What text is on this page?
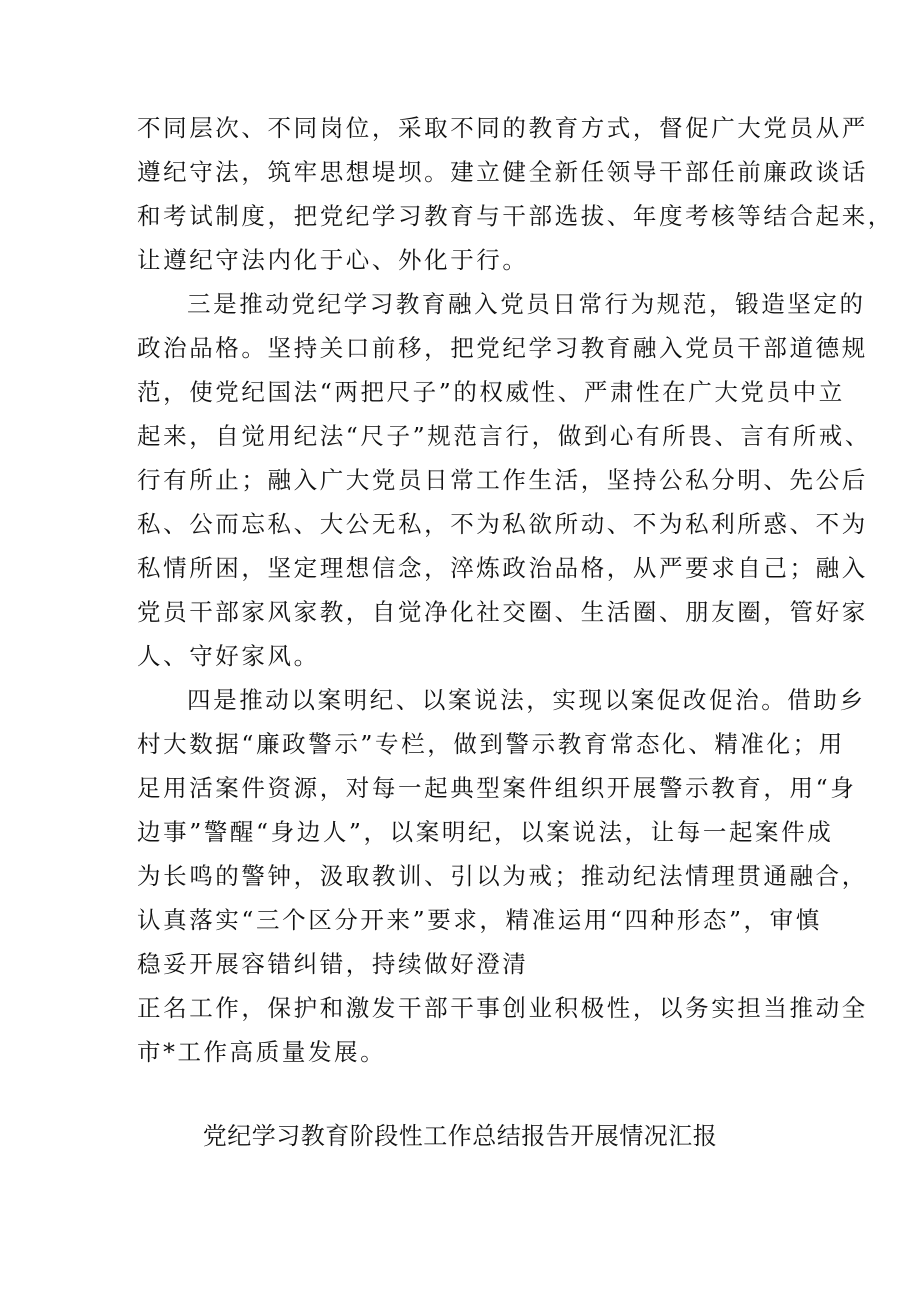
不同层次、不同岗位，采取不同的教育方式，督促广大党员从严
遵纪守法，筑牢思想堤坝。建立健全新任领导干部任前廉政谈话
和考试制度，把党纪学习教育与干部选拔、年度考核等结合起来，
让遵纪守法内化于心、外化于行。
三是推动党纪学习教育融入党员日常行为规范，锻造坚定的
政治品格。坚持关口前移，把党纪学习教育融入党员干部道德规
范，使党纪国法“两把尺子”的权威性、严肃性在广大党员中立
起来，自觉用纪法“尺子”规范言行，做到心有所畏、言有所戒、
行有所止；融入广大党员日常工作生活，坚持公私分明、先公后
私、公而忘私、大公无私，不为私欲所动、不为私利所惑、不为
私情所困，坚定理想信念，淬炼政治品格，从严要求自己；融入
党员干部家风家教，自觉净化社交圈、生活圈、朋友圈，管好家
人、守好家风。
四是推动以案明纪、以案说法，实现以案促改促治。借助乡
村大数据“廉政警示”专栏，做到警示教育常态化、精准化；用
足用活案件资源，对每一起典型案件组织开展警示教育，用“身
边事”警醒“身边人”，以案明纪，以案说法，让每一起案件成
为长鸣的警钟，汲取教训、引以为戒；推动纪法情理贯通融合，
认真落实“三个区分开来”要求，精准运用“四种形态”，审慎
稳妥开展容错纠错，持续做好澄清
正名工作，保护和激发干部干事创业积极性，以务实担当推动全
市*工作高质量发展。
党纪学习教育阶段性工作总结报告开展情况汇报
